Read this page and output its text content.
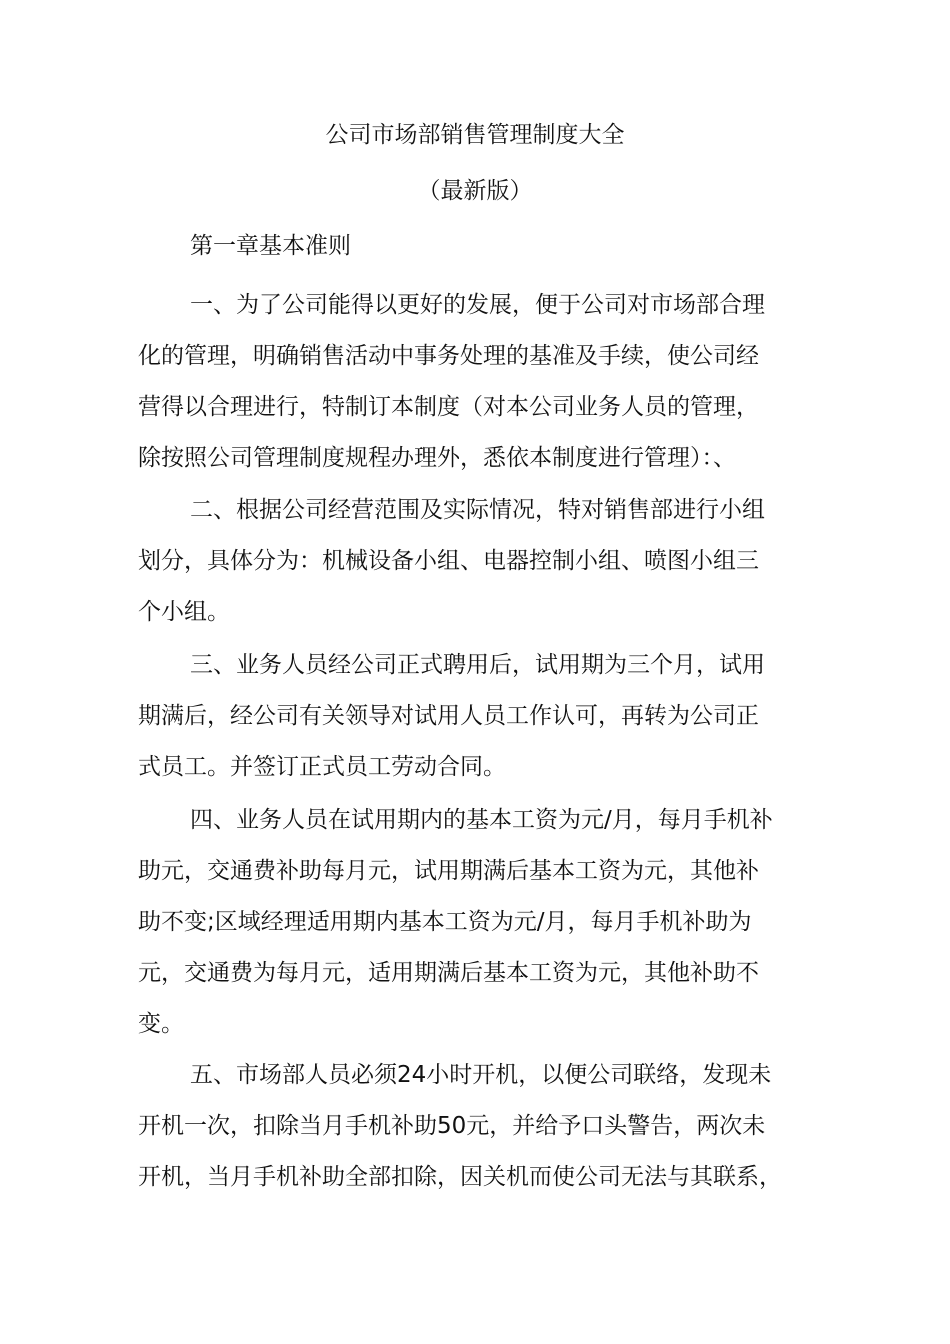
公司市场部销售管理制度大全
（最新版）
第一章基本准则

一、为了公司能得以更好的发展，便于公司对市场部合理
化的管理，明确销售活动中事务处理的基准及手续，使公司经
营得以合理进行，特制订本制度（对本公司业务人员的管理，
除按照公司管理制度规程办理外，悉依本制度进行管理）：、

二、根据公司经营范围及实际情况，特对销售部进行小组
划分，具体分为：机械设备小组、电器控制小组、喷图小组三
个小组。

三、业务人员经公司正式聘用后，试用期为三个月，试用
期满后，经公司有关领导对试用人员工作认可，再转为公司正
式员工。并签订正式员工劳动合同。

四、业务人员在试用期内的基本工资为元/月，每月手机补
助元，交通费补助每月元，试用期满后基本工资为元，其他补
助不变;区域经理适用期内基本工资为元/月，每月手机补助为
元，交通费为每月元，适用期满后基本工资为元，其他补助不
变。

五、市场部人员必须24小时开机，以便公司联络，发现未
开机一次，扣除当月手机补助50元，并给予口头警告，两次未
开机，当月手机补助全部扣除，因关机而使公司无法与其联系，
